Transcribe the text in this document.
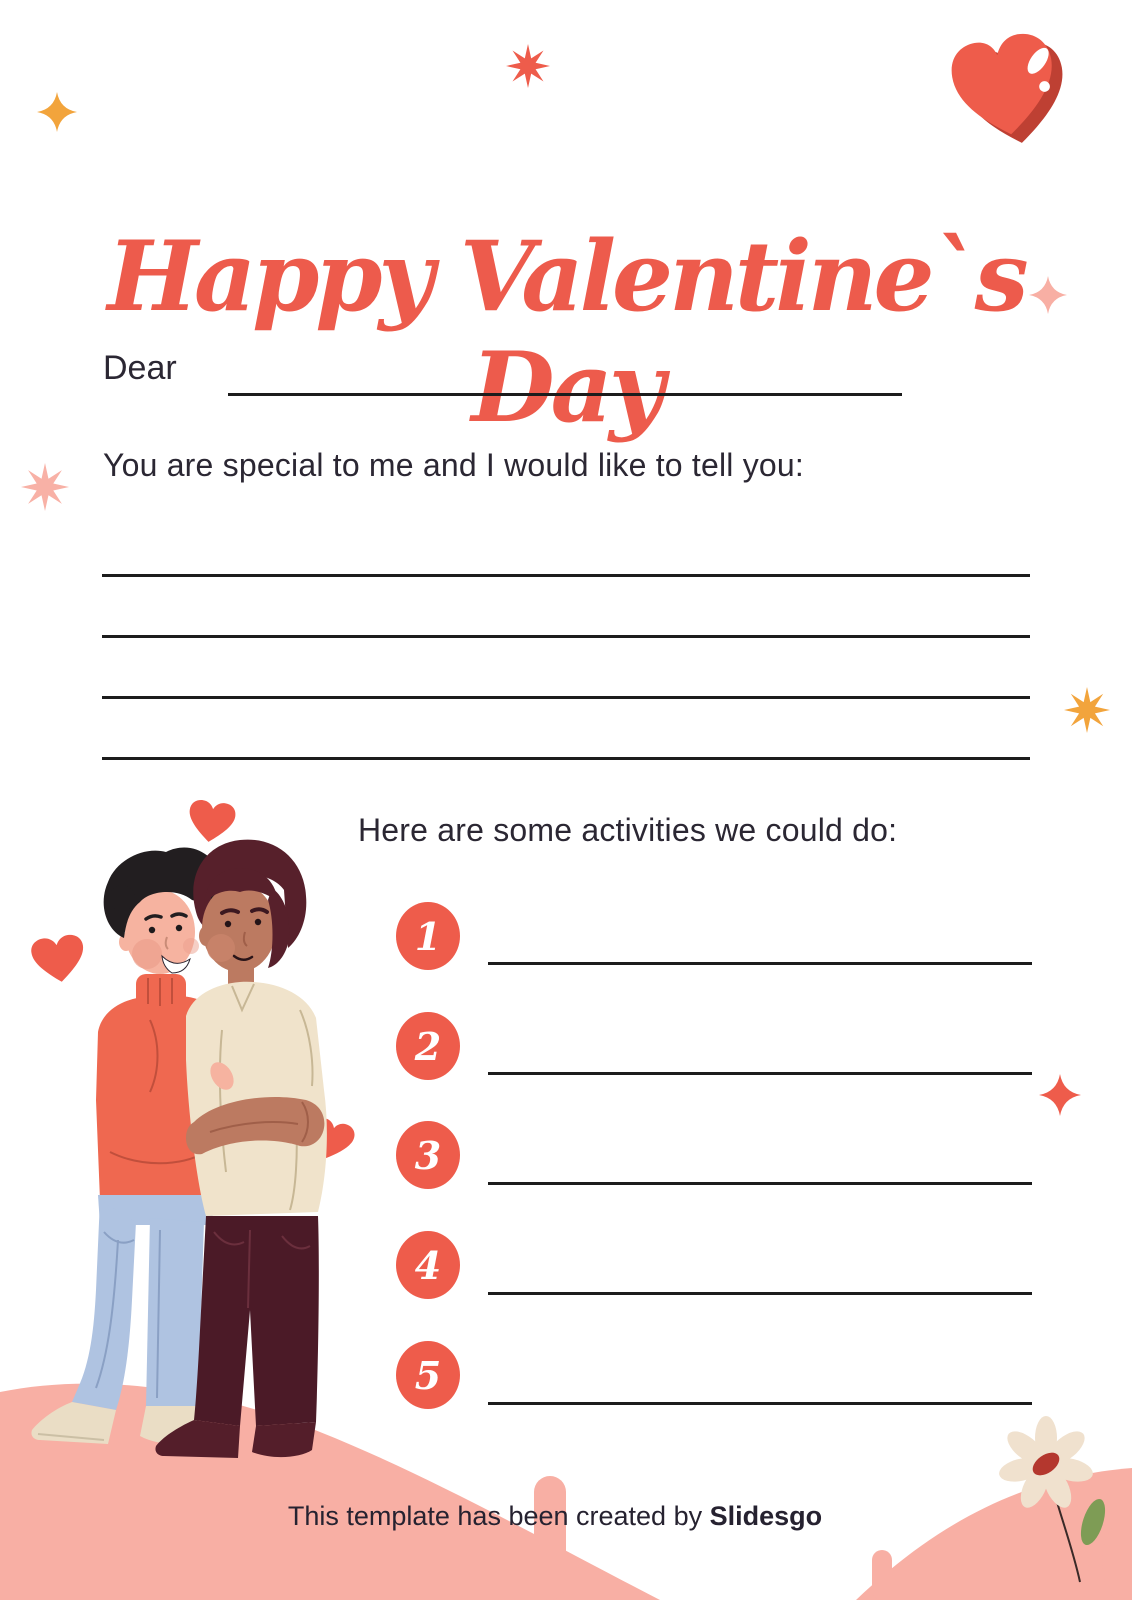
Happy Valentine`s Day
Dear

You are special to me and I would like to tell you:

Here are some activities we could do:

1
2
3
4
5

This template has been created by Slidesgo
